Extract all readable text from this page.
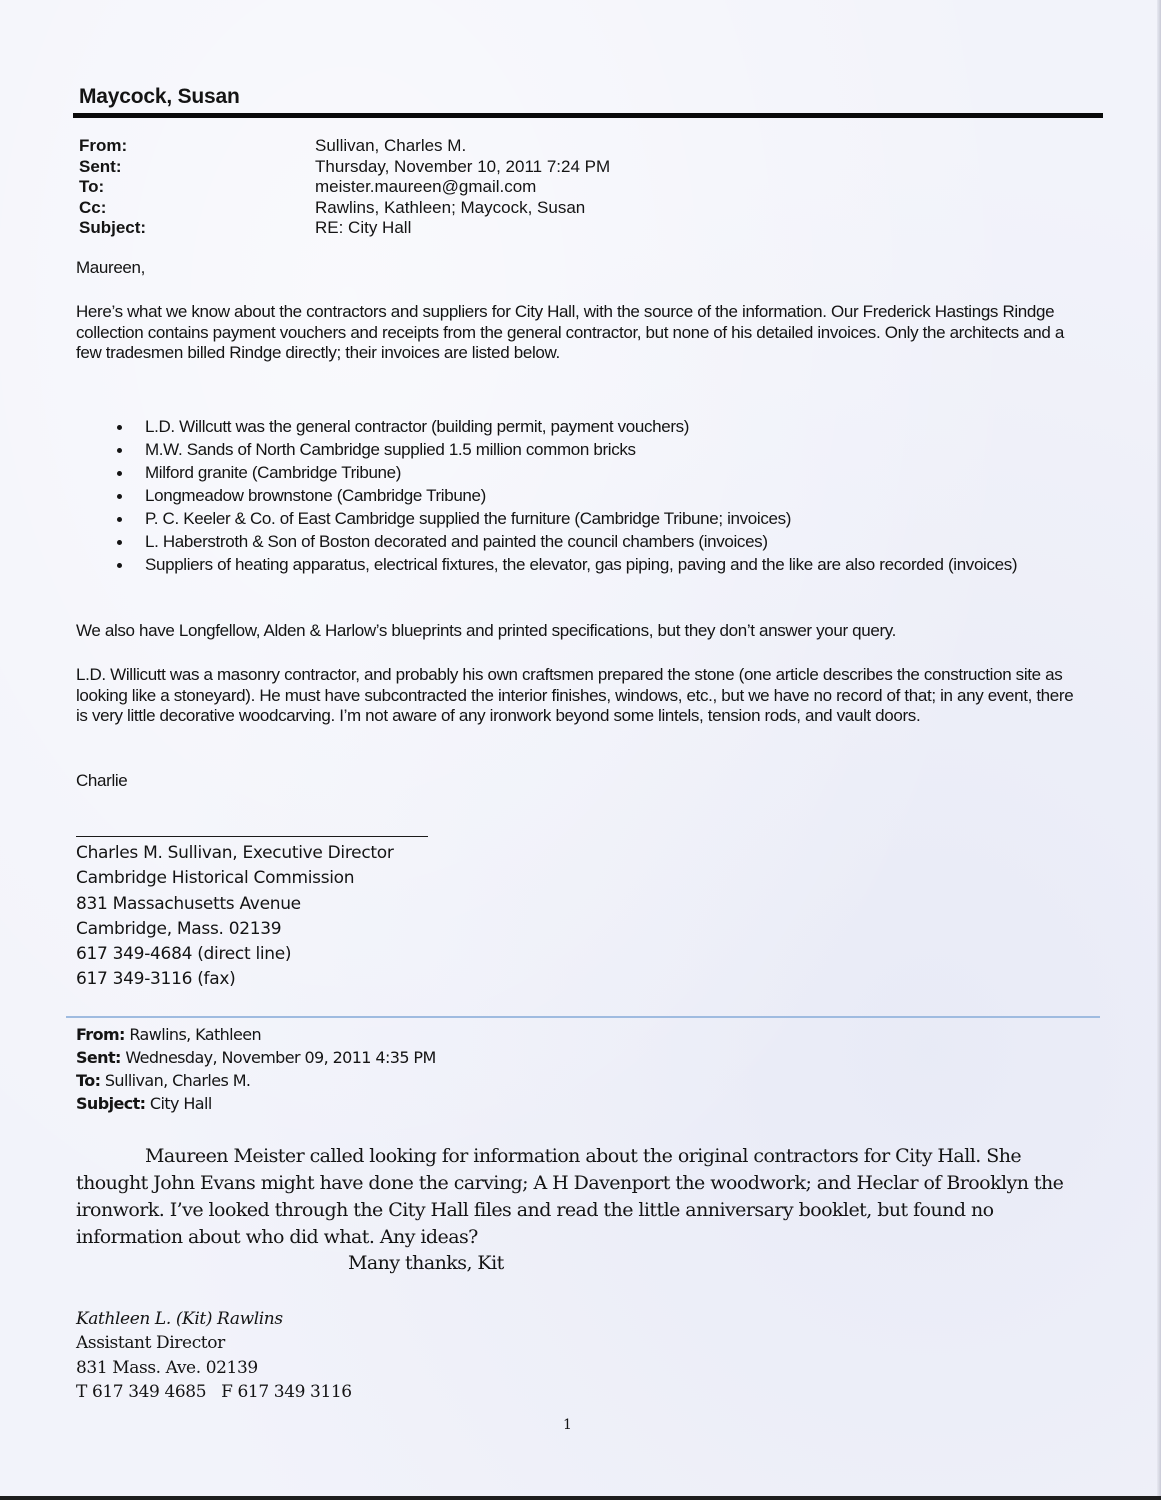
Maycock, Susan
From:	Sullivan, Charles M.
Sent:	Thursday, November 10, 2011 7:24 PM
To:	meister.maureen@gmail.com
Cc:	Rawlins, Kathleen; Maycock, Susan
Subject:	RE: City Hall
Maureen,
Here’s what we know about the contractors and suppliers for City Hall, with the source of the information. Our Frederick Hastings Rindge collection contains payment vouchers and receipts from the general contractor, but none of his detailed invoices. Only the architects and a few tradesmen billed Rindge directly; their invoices are listed below.
L.D. Willcutt was the general contractor (building permit, payment vouchers)
M.W. Sands of North Cambridge supplied 1.5 million common bricks
Milford granite (Cambridge Tribune)
Longmeadow brownstone (Cambridge Tribune)
P. C. Keeler & Co. of East Cambridge supplied the furniture (Cambridge Tribune; invoices)
L. Haberstroth & Son of Boston decorated and painted the council chambers (invoices)
Suppliers of heating apparatus, electrical fixtures, the elevator, gas piping, paving and the like are also recorded (invoices)
We also have Longfellow, Alden & Harlow’s blueprints and printed specifications, but they don’t answer your query.
L.D. Willicutt was a masonry contractor, and probably his own craftsmen prepared the stone (one article describes the construction site as looking like a stoneyard). He must have subcontracted the interior finishes, windows, etc., but we have no record of that; in any event, there is very little decorative woodcarving. I’m not aware of any ironwork beyond some lintels, tension rods, and vault doors.
Charlie
Charles M. Sullivan, Executive Director
Cambridge Historical Commission
831 Massachusetts Avenue
Cambridge, Mass. 02139
617 349-4684 (direct line)
617 349-3116 (fax)
From: Rawlins, Kathleen
Sent: Wednesday, November 09, 2011 4:35 PM
To: Sullivan, Charles M.
Subject: City Hall
Maureen Meister called looking for information about the original contractors for City Hall. She thought John Evans might have done the carving; A H Davenport the woodwork; and Heclar of Brooklyn the ironwork. I’ve looked through the City Hall files and read the little anniversary booklet, but found no information about who did what. Any ideas?
Many thanks, Kit
Kathleen L. (Kit) Rawlins
Assistant Director
831 Mass. Ave. 02139
T 617 349 4685   F 617 349 3116
1
